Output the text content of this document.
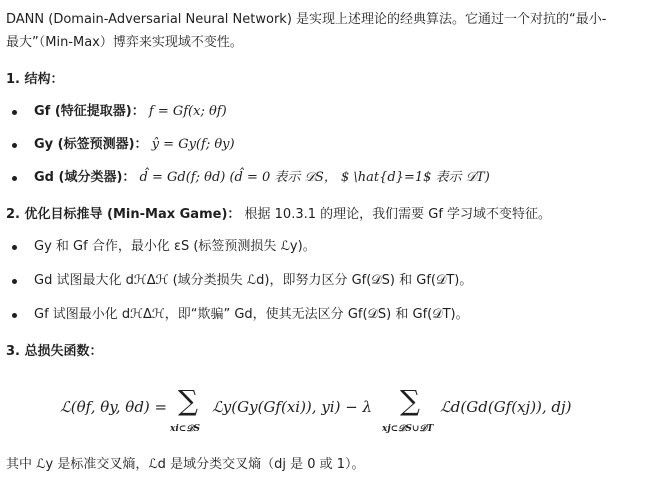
DANN (Domain-Adversarial Neural Network) 是实现上述理论的经典算法。它通过一个对抗的“最小-
最大”（Min-Max）博弈来实现域不变性。
1. 结构：
Gf (特征提取器)： f = Gf(x; θf)
Gy (标签预测器)： ŷ = Gy(f; θy)
Gd (域分类器)： d̂ = Gd(f; θd) (d̂ = 0 表示 𝒟S， $ \hat{d}=1$ 表示 𝒟T)
2. 优化目标推导 (Min-Max Game)： 根据 10.3.1 的理论，我们需要 Gf 学习域不变特征。
Gy 和 Gf 合作，最小化 εS (标签预测损失 ℒy)。
Gd 试图最大化 dℋΔℋ (域分类损失 ℒd)，即努力区分 Gf(𝒟S) 和 Gf(𝒟T)。
Gf 试图最小化 dℋΔℋ，即“欺骗” Gd，使其无法区分 Gf(𝒟S) 和 Gf(𝒟T)。
3. 总损失函数：
ℒ(θf, θy, θd) = ∑
xi⊂𝒟S
ℒy(Gy(Gf(xi)), yi) − λ ∑
xj⊂𝒟S∪𝒟T
ℒd(Gd(Gf(xj)), dj)
其中 ℒy 是标准交叉熵，ℒd 是域分类交叉熵（dj 是 0 或 1）。
